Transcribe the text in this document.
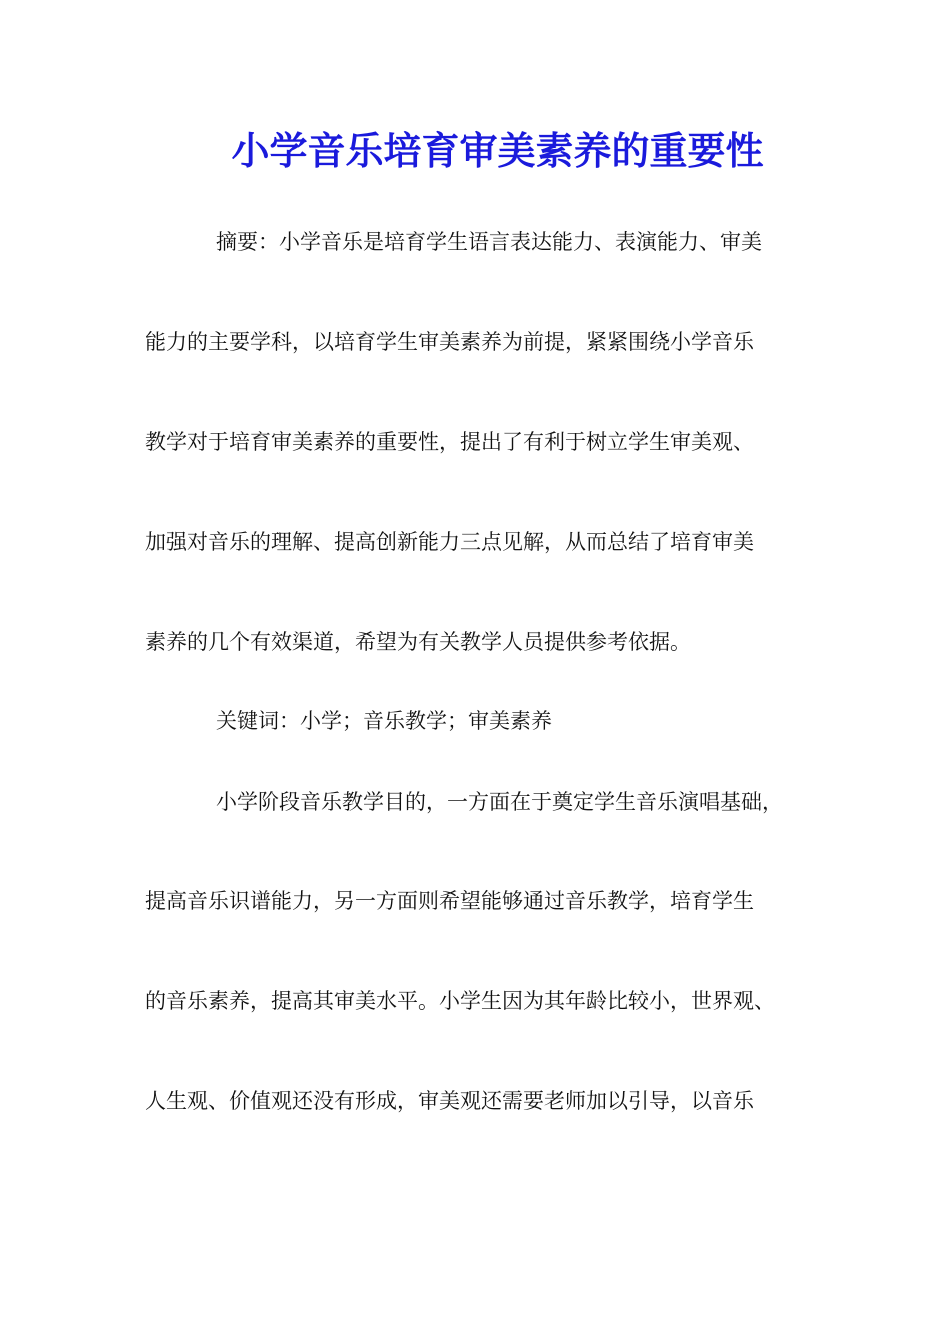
小学音乐培育审美素养的重要性
摘要：小学音乐是培育学生语言表达能力、表演能力、审美
能力的主要学科，以培育学生审美素养为前提，紧紧围绕小学音乐
教学对于培育审美素养的重要性，提出了有利于树立学生审美观、
加强对音乐的理解、提高创新能力三点见解，从而总结了培育审美
素养的几个有效渠道，希望为有关教学人员提供参考依据。
关键词：小学；音乐教学；审美素养
小学阶段音乐教学目的，一方面在于奠定学生音乐演唱基础，
提高音乐识谱能力，另一方面则希望能够通过音乐教学，培育学生
的音乐素养，提高其审美水平。小学生因为其年龄比较小，世界观、
人生观、价值观还没有形成，审美观还需要老师加以引导，以音乐
